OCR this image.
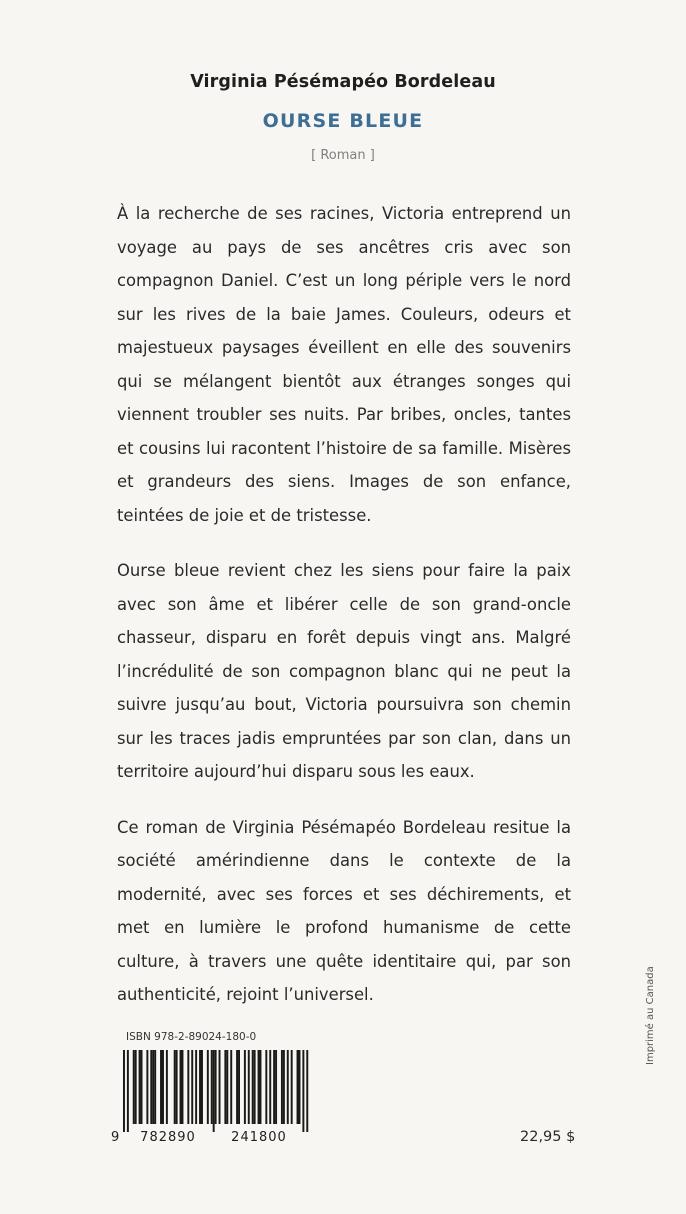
Virginia Pésémapéo Bordeleau
OURSE BLEUE
[ Roman ]

À la recherche de ses racines, Victoria entreprend un voyage au pays de ses ancêtres cris avec son compagnon Daniel. C’est un long périple vers le nord sur les rives de la baie James. Couleurs, odeurs et majestueux paysages éveillent en elle des souvenirs qui se mélangent bientôt aux étranges songes qui viennent troubler ses nuits. Par bribes, oncles, tantes et cousins lui racontent l’histoire de sa famille. Misères et grandeurs des siens. Images de son enfance, teintées de joie et de tristesse.

Ourse bleue revient chez les siens pour faire la paix avec son âme et libérer celle de son grand-oncle chasseur, disparu en forêt depuis vingt ans. Malgré l’incrédulité de son compagnon blanc qui ne peut la suivre jusqu’au bout, Victoria poursuivra son chemin sur les traces jadis empruntées par son clan, dans un territoire aujourd’hui disparu sous les eaux.

Ce roman de Virginia Pésémapéo Bordeleau resitue la société amérindienne dans le contexte de la modernité, avec ses forces et ses déchirements, et met en lumière le profond humanisme de cette culture, à travers une quête identitaire qui, par son authenticité, rejoint l’universel.

ISBN 978-2-89024-180-0
9 782890	241800	22,95 $
Imprimé au Canada
